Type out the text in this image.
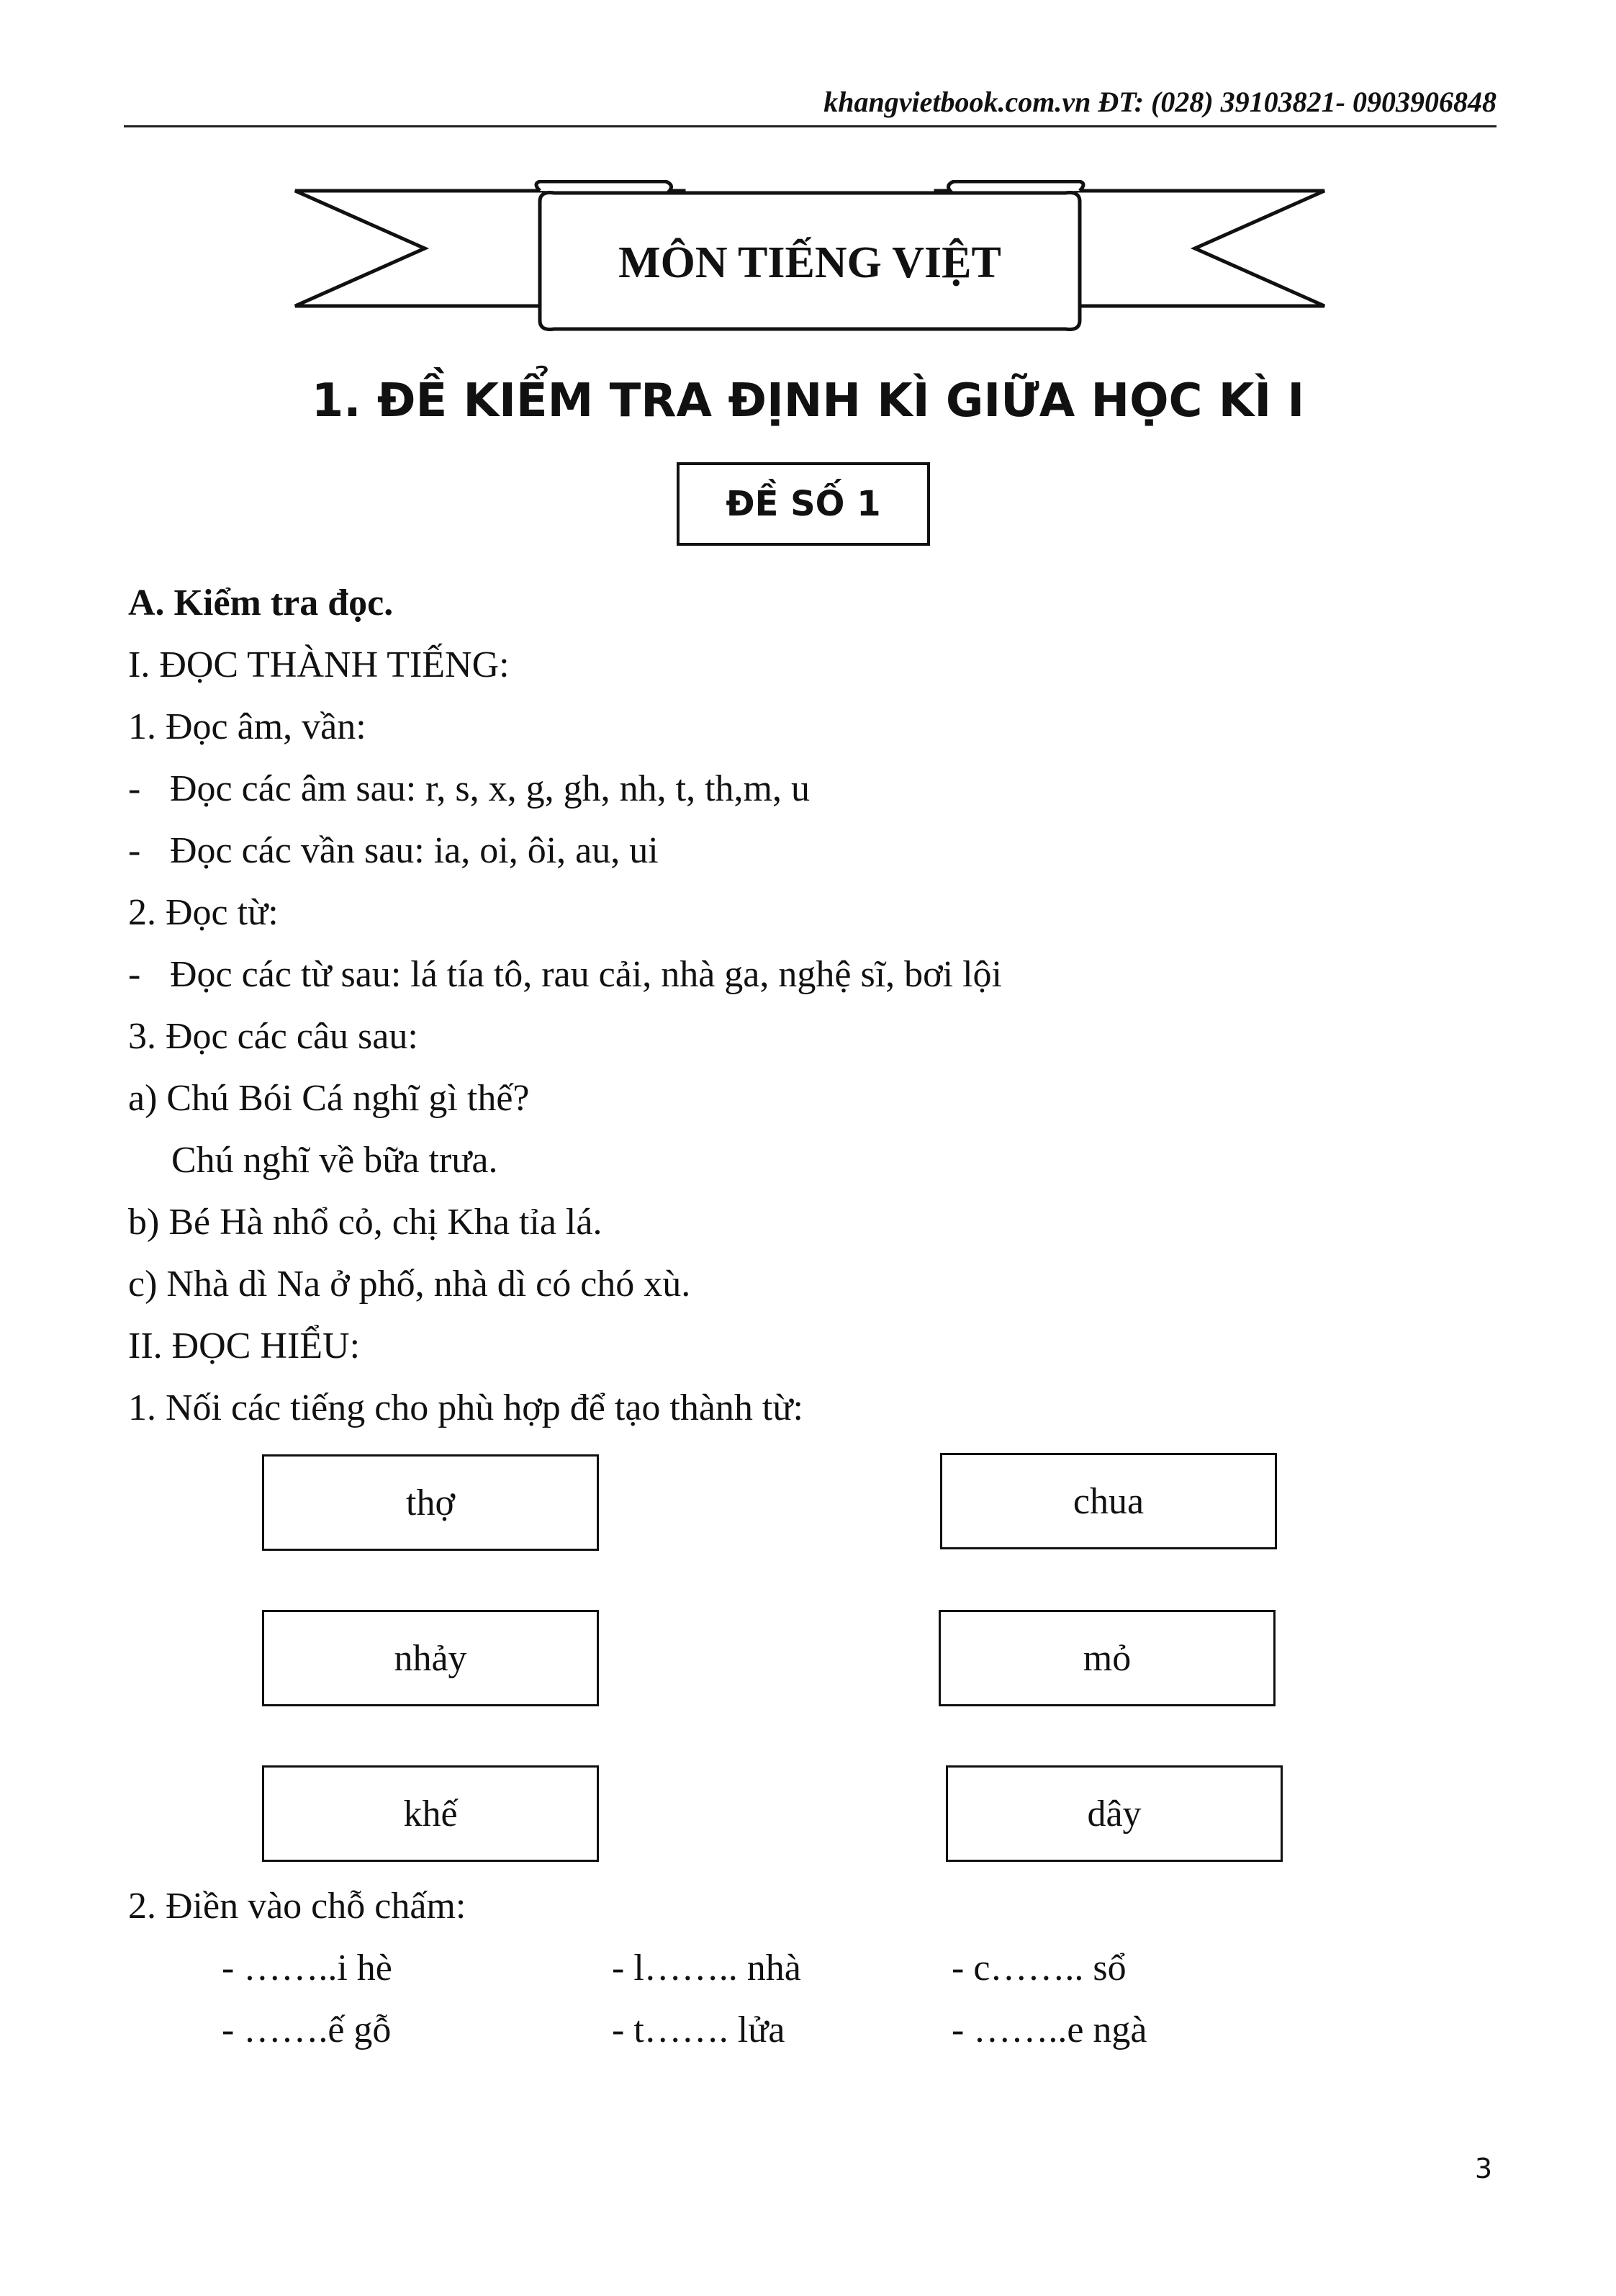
khangvietbook.com.vn ĐT: (028) 39103821- 0903906848
MÔN TIẾNG VIỆT
1. ĐỀ KIỂM TRA ĐỊNH KÌ GIỮA HỌC KÌ I
ĐỀ SỐ 1
A. Kiểm tra đọc.
I. ĐỌC THÀNH TIẾNG:
1. Đọc âm, vần:
- Đọc các âm sau: r, s, x, g, gh, nh, t, th,m, u
- Đọc các vần sau: ia, oi, ôi, au, ui
2. Đọc từ:
- Đọc các từ sau: lá tía tô, rau cải, nhà ga, nghệ sĩ, bơi lội
3. Đọc các câu sau:
a) Chú Bói Cá nghĩ gì thế?
Chú nghĩ về bữa trưa.
b) Bé Hà nhổ cỏ, chị Kha tỉa lá.
c) Nhà dì Na ở phố, nhà dì có chó xù.
II. ĐỌC HIỂU:
1. Nối các tiếng cho phù hợp để tạo thành từ:
thợ
nhảy
khế
chua
mỏ
dây
2. Điền vào chỗ chấm:
- ……..i hè	- l…….. nhà	- c…….. sổ
- …….ế gỗ	- t……. lửa	- ……..e ngà
3
